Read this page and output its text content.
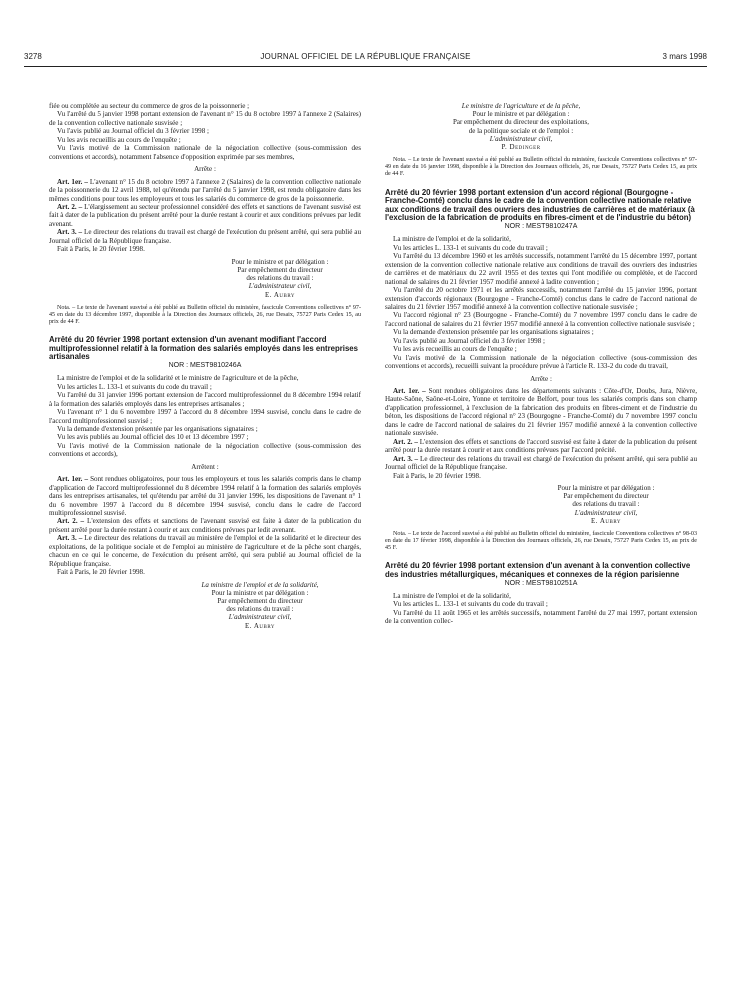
3278	JOURNAL OFFICIEL DE LA RÉPUBLIQUE FRANÇAISE	3 mars 1998

fiée ou complétée au secteur du commerce de gros de la poissonnerie ;

Vu l'arrêté du 5 janvier 1998 portant extension de l'avenant n° 15 du 8 octobre 1997 à l'annexe 2 (Salaires) de la convention collective nationale susvisée ;

Vu l'avis publié au Journal officiel du 3 février 1998 ;

Vu les avis recueillis au cours de l'enquête ;

Vu l'avis motivé de la Commission nationale de la négociation collective (sous-commission des conventions et accords), notamment l'absence d'opposition exprimée par ses membres,

Arrête :

Art. 1er. – L'avenant n° 15 du 8 octobre 1997 à l'annexe 2 (Salaires) de la convention collective nationale de la poissonnerie du 12 avril 1988, tel qu'étendu par l'arrêté du 5 janvier 1998, est rendu obligatoire dans les mêmes conditions pour tous les employeurs et tous les salariés du commerce de gros de la poissonnerie.

Art. 2. – L'élargissement au secteur professionnel considéré des effets et sanctions de l'avenant susvisé est fait à dater de la publication du présent arrêté pour la durée restant à courir et aux conditions prévues par ledit avenant.

Art. 3. – Le directeur des relations du travail est chargé de l'exécution du présent arrêté, qui sera publié au Journal officiel de la République française.

Fait à Paris, le 20 février 1998.

Pour le ministre et par délégation :

Par empêchement du directeur

des relations du travail :

L'administrateur civil,

E. Aubry

Nota. – Le texte de l'avenant susvisé a été publié au Bulletin officiel du ministère, fascicule Conventions collectives n° 97-45 en date du 13 décembre 1997, disponible à la Direction des Journaux officiels, 26, rue Desaix, 75727 Paris Cedex 15, au prix de 44 F.

Arrêté du 20 février 1998 portant extension d'un avenant modifiant l'accord multiprofessionnel relatif à la formation des salariés employés dans les entreprises artisanales

NOR : MEST9810246A

La ministre de l'emploi et de la solidarité et le ministre de l'agriculture et de la pêche,

Vu les articles L. 133-1 et suivants du code du travail ;

Vu l'arrêté du 31 janvier 1996 portant extension de l'accord multiprofessionnel du 8 décembre 1994 relatif à la formation des salariés employés dans les entreprises artisanales ;

Vu l'avenant n° 1 du 6 novembre 1997 à l'accord du 8 décembre 1994 susvisé, conclu dans le cadre de l'accord multiprofessionnel susvisé ;

Vu la demande d'extension présentée par les organisations signataires ;

Vu les avis publiés au Journal officiel des 10 et 13 décembre 1997 ;

Vu l'avis motivé de la Commission nationale de la négociation collective (sous-commission des conventions et accords),

Arrêtent :

Art. 1er. – Sont rendues obligatoires, pour tous les employeurs et tous les salariés compris dans le champ d'application de l'accord multiprofessionnel du 8 décembre 1994 relatif à la formation des salariés employés dans les entreprises artisanales, tel qu'étendu par arrêté du 31 janvier 1996, les dispositions de l'avenant n° 1 du 6 novembre 1997 à l'accord du 8 décembre 1994 susvisé, conclu dans le cadre de l'accord multiprofessionnel susvisé.

Art. 2. – L'extension des effets et sanctions de l'avenant susvisé est faite à dater de la publication du présent arrêté pour la durée restant à courir et aux conditions prévues par ledit avenant.

Art. 3. – Le directeur des relations du travail au ministère de l'emploi et de la solidarité et le directeur des exploitations, de la politique sociale et de l'emploi au ministère de l'agriculture et de la pêche sont chargés, chacun en ce qui le concerne, de l'exécution du présent arrêté, qui sera publié au Journal officiel de la République française.

Fait à Paris, le 20 février 1998.

La ministre de l'emploi et de la solidarité,

Pour la ministre et par délégation :

Par empêchement du directeur

des relations du travail :

L'administrateur civil,

E. Aubry

Le ministre de l'agriculture et de la pêche,

Pour le ministre et par délégation :

Par empêchement du directeur des exploitations,

de la politique sociale et de l'emploi :

L'administrateur civil,

P. Dedinger

Nota. – Le texte de l'avenant susvisé a été publié au Bulletin officiel du ministère, fascicule Conventions collectives n° 97-49 en date du 16 janvier 1998, disponible à la Direction des Journaux officiels, 26, rue Desaix, 75727 Paris Cedex 15, au prix de 44 F.

Arrêté du 20 février 1998 portant extension d'un accord régional (Bourgogne - Franche-Comté) conclu dans le cadre de la convention collective nationale relative aux conditions de travail des ouvriers des industries de carrières et de matériaux (à l'exclusion de la fabrication de produits en fibres-ciment et de l'industrie du béton)

NOR : MEST9810247A

La ministre de l'emploi et de la solidarité,

Vu les articles L. 133-1 et suivants du code du travail ;

Vu l'arrêté du 13 décembre 1960 et les arrêtés successifs, notamment l'arrêté du 15 décembre 1997, portant extension de la convention collective nationale relative aux conditions de travail des ouvriers des industries de carrières et de matériaux du 22 avril 1955 et des textes qui l'ont modifiée ou complétée, et de l'accord national de salaires du 21 février 1957 modifié annexé à ladite convention ;

Vu l'arrêté du 20 octobre 1971 et les arrêtés successifs, notamment l'arrêté du 15 janvier 1996, portant extension d'accords régionaux (Bourgogne - Franche-Comté) conclus dans le cadre de l'accord national de salaires du 21 février 1957 modifié annexé à la convention collective nationale susvisée ;

Vu l'accord régional n° 23 (Bourgogne - Franche-Comté) du 7 novembre 1997 conclu dans le cadre de l'accord national de salaires du 21 février 1957 modifié annexé à la convention collective nationale susvisée ;

Vu la demande d'extension présentée par les organisations signataires ;

Vu l'avis publié au Journal officiel du 3 février 1998 ;

Vu les avis recueillis au cours de l'enquête ;

Vu l'avis motivé de la Commission nationale de la négociation collective (sous-commission des conventions et accords), recueilli suivant la procédure prévue à l'article R. 133-2 du code du travail,

Arrête :

Art. 1er. – Sont rendues obligatoires dans les départements suivants : Côte-d'Or, Doubs, Jura, Nièvre, Haute-Saône, Saône-et-Loire, Yonne et territoire de Belfort, pour tous les salariés compris dans son champ d'application professionnel, à l'exclusion de la fabrication des produits en fibres-ciment et de l'industrie du béton, les dispositions de l'accord régional n° 23 (Bourgogne - Franche-Comté) du 7 novembre 1997 conclu dans le cadre de l'accord national de salaires du 21 février 1957 modifié annexé à la convention collective nationale susvisée.

Art. 2. – L'extension des effets et sanctions de l'accord susvisé est faite à dater de la publication du présent arrêté pour la durée restant à courir et aux conditions prévues par l'accord précité.

Art. 3. – Le directeur des relations du travail est chargé de l'exécution du présent arrêté, qui sera publié au Journal officiel de la République française.

Fait à Paris, le 20 février 1998.

Pour la ministre et par délégation :

Par empêchement du directeur

des relations du travail :

L'administrateur civil,

E. Aubry

Nota. – Le texte de l'accord susvisé a été publié au Bulletin officiel du ministère, fascicule Conventions collectives n° 98-03 en date du 17 février 1998, disponible à la Direction des Journaux officiels, 26, rue Desaix, 75727 Paris Cedex 15, au prix de 45 F.

Arrêté du 20 février 1998 portant extension d'un avenant à la convention collective des industries métallurgiques, mécaniques et connexes de la région parisienne

NOR : MEST9810251A

La ministre de l'emploi et de la solidarité,

Vu les articles L. 133-1 et suivants du code du travail ;

Vu l'arrêté du 11 août 1965 et les arrêtés successifs, notamment l'arrêté du 27 mai 1997, portant extension de la convention collec-
